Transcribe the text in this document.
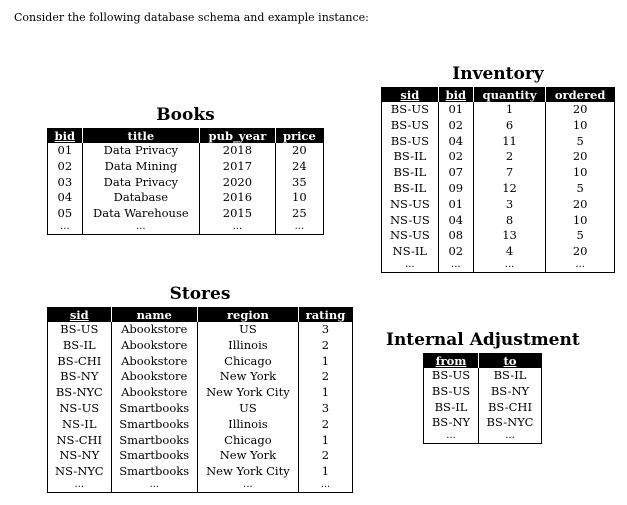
Consider the following database schema and example instance:
Books
bid	title	pub_year	price
01	Data Privacy	2018	20
02	Data Mining	2017	24
03	Data Privacy	2020	35
04	Database	2016	10
05	Data Warehouse	2015	25
...	...	...	...
Inventory
sid	bid	quantity	ordered
BS-US	01	1	20
BS-US	02	6	10
BS-US	04	11	5
BS-IL	02	2	20
BS-IL	07	7	10
BS-IL	09	12	5
NS-US	01	3	20
NS-US	04	8	10
NS-US	08	13	5
NS-IL	02	4	20
...	...	...	...
Stores
sid	name	region	rating
BS-US	Abookstore	US	3
BS-IL	Abookstore	Illinois	2
BS-CHI	Abookstore	Chicago	1
BS-NY	Abookstore	New York	2
BS-NYC	Abookstore	New York City	1
NS-US	Smartbooks	US	3
NS-IL	Smartbooks	Illinois	2
NS-CHI	Smartbooks	Chicago	1
NS-NY	Smartbooks	New York	2
NS-NYC	Smartbooks	New York City	1
...	...	...	...
Internal Adjustment
from	to
BS-US	BS-IL
BS-US	BS-NY
BS-IL	BS-CHI
BS-NY	BS-NYC
...	...
